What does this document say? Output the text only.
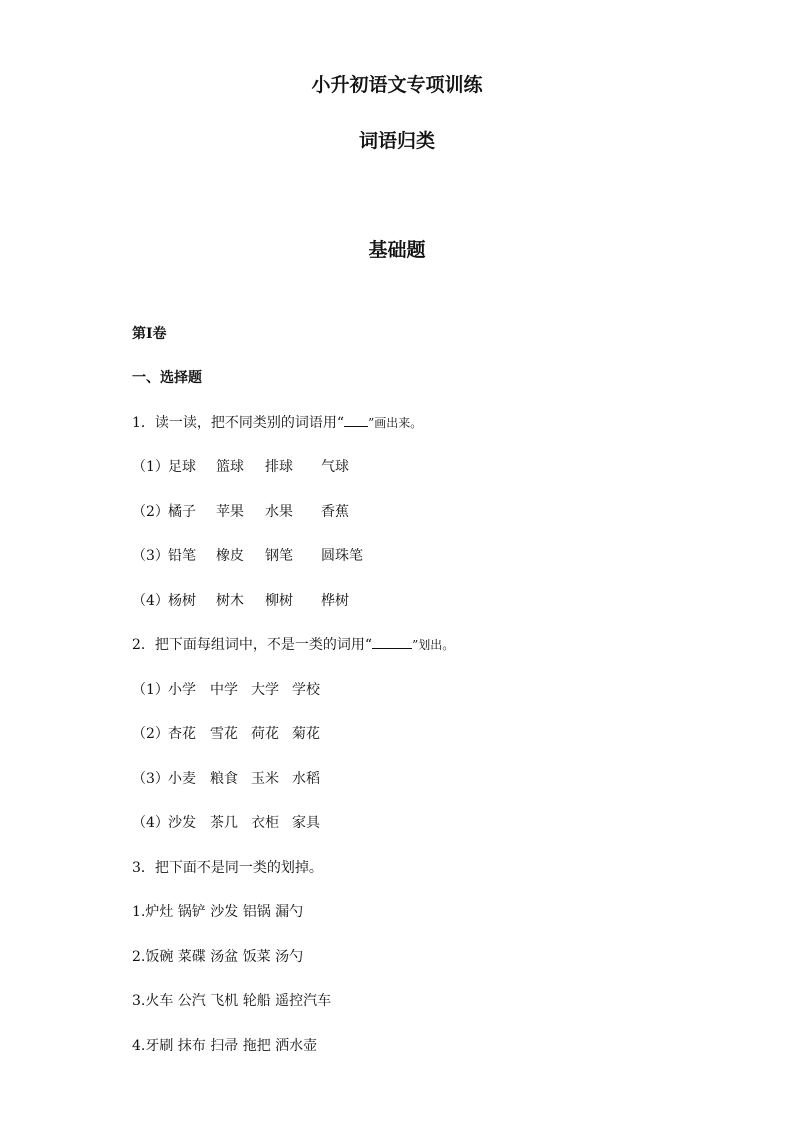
小升初语文专项训练
词语归类
基础题

第I卷

一、选择题

1．读一读，把不同类别的词语用“ ”画出来。

（1）足球 篮球 排球 气球

（2）橘子 苹果 水果 香蕉

（3）铅笔 橡皮 钢笔 圆珠笔

（4）杨树 树木 柳树 桦树

2．把下面每组词中，不是一类的词用“	”划出。

（1）小学 中学 大学 学校

（2）杏花 雪花 荷花 菊花

（3）小麦 粮食 玉米 水稻

（4）沙发 茶几 衣柜 家具

3．把下面不是同一类的划掉。

1.炉灶 锅铲 沙发 铝锅 漏勺

2.饭碗 菜碟 汤盆 饭菜 汤勺

3.火车 公汽 飞机 轮船 遥控汽车

4.牙刷 抹布 扫帚 拖把 洒水壶
